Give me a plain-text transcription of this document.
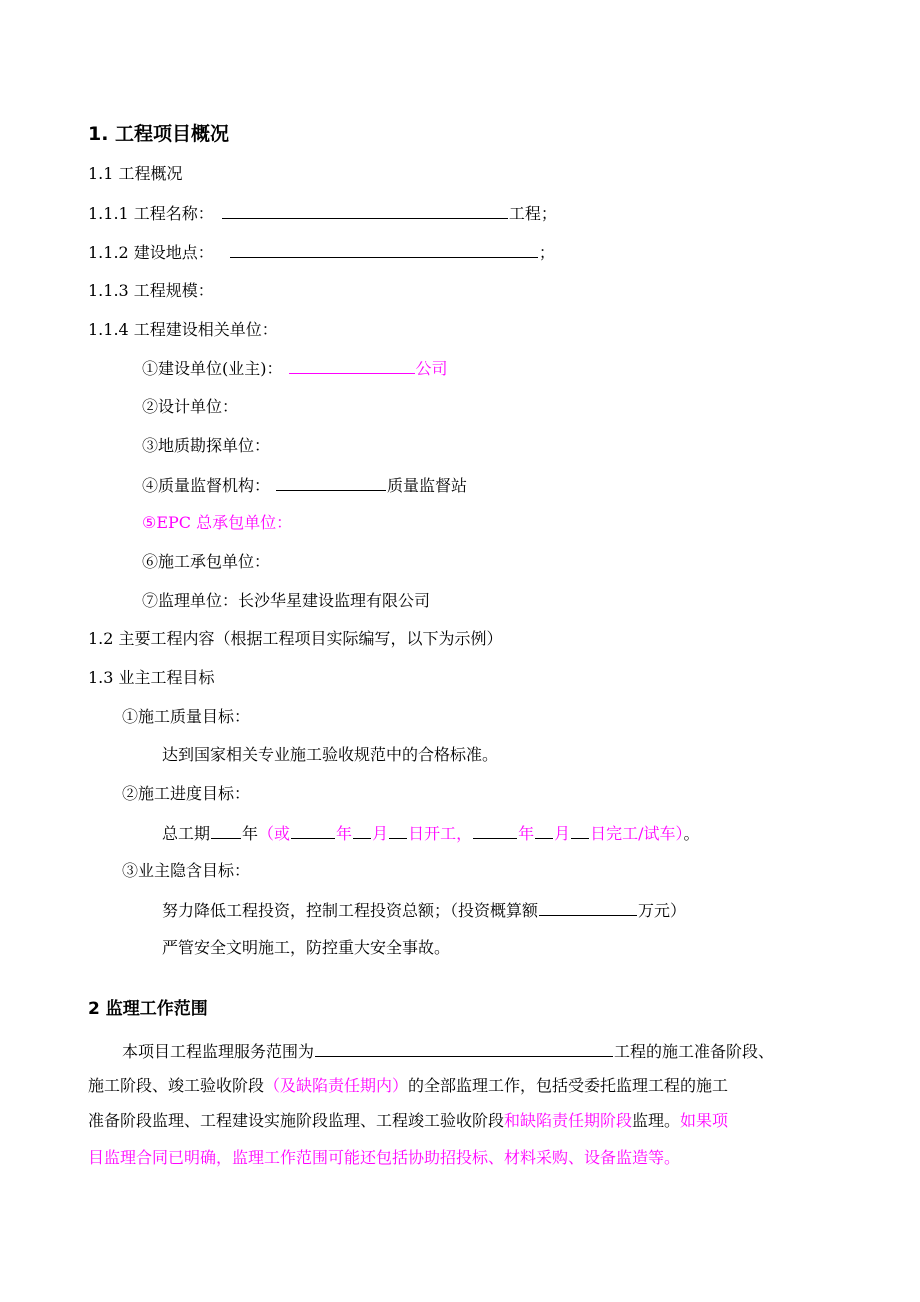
1. 工程项目概况
1.1 工程概况
1.1.1 工程名称：	工程；
1.1.2 建设地点：	；
1.1.3 工程规模：
1.1.4 工程建设相关单位：
①建设单位(业主)：	公司
②设计单位：
③地质勘探单位：
④质量监督机构：	质量监督站
⑤EPC 总承包单位：
⑥施工承包单位：
⑦监理单位：长沙华星建设监理有限公司
1.2 主要工程内容（根据工程项目实际编写，以下为示例）
1.3 业主工程目标
①施工质量目标：
达到国家相关专业施工验收规范中的合格标准。
②施工进度目标：
总工期 年（或	年 月 日开工，	年 月 日完工/试车）。
③业主隐含目标：
努力降低工程投资，控制工程投资总额；（投资概算额	万元）
严管安全文明施工，防控重大安全事故。
2 监理工作范围
本项目工程监理服务范围为	工程的施工准备阶段、
施工阶段、竣工验收阶段（及缺陷责任期内）的全部监理工作，包括受委托监理工程的施工
准备阶段监理、工程建设实施阶段监理、工程竣工验收阶段和缺陷责任期阶段监理。如果项
目监理合同已明确，监理工作范围可能还包括协助招投标、材料采购、设备监造等。
